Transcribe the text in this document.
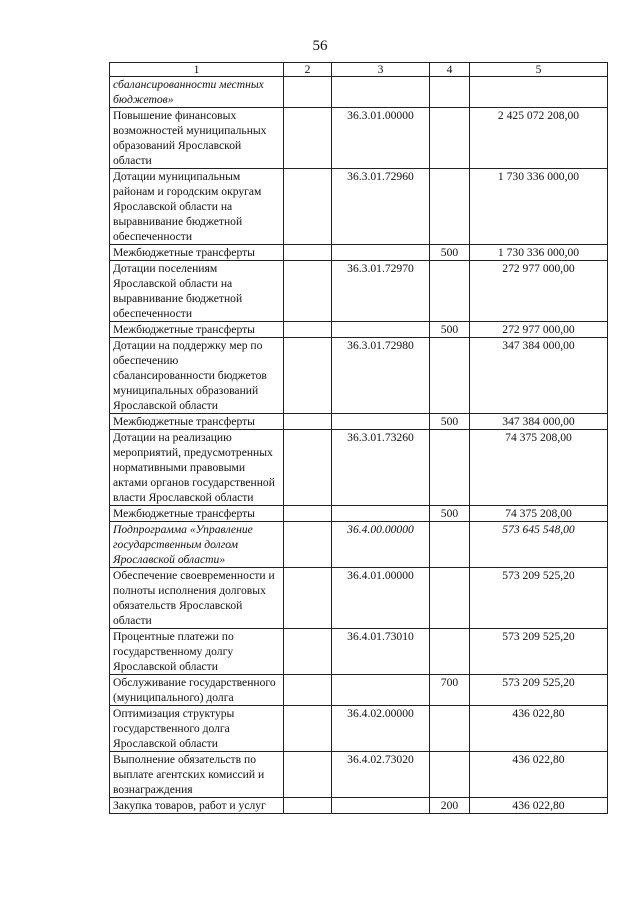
56
1	2	3	4	5
сбалансированности местных бюджетов»				
Повышение финансовых возможностей муниципальных образований Ярославской области		36.3.01.00000		2 425 072 208,00
Дотации муниципальным районам и городским округам Ярославской области на выравнивание бюджетной обеспеченности		36.3.01.72960		1 730 336 000,00
Межбюджетные трансферты			500	1 730 336 000,00
Дотации поселениям Ярославской области на выравнивание бюджетной обеспеченности		36.3.01.72970		272 977 000,00
Межбюджетные трансферты			500	272 977 000,00
Дотации на поддержку мер по обеспечению сбалансированности бюджетов муниципальных образований Ярославской области		36.3.01.72980		347 384 000,00
Межбюджетные трансферты			500	347 384 000,00
Дотации на реализацию мероприятий, предусмотренных нормативными правовыми актами органов государственной власти Ярославской области		36.3.01.73260		74 375 208,00
Межбюджетные трансферты			500	74 375 208,00
Подпрограмма «Управление государственным долгом Ярославской области»		36.4.00.00000		573 645 548,00
Обеспечение своевременности и полноты исполнения долговых обязательств Ярославской области		36.4.01.00000		573 209 525,20
Процентные платежи по государственному долгу Ярославской области		36.4.01.73010		573 209 525,20
Обслуживание государственного (муниципального) долга			700	573 209 525,20
Оптимизация структуры государственного долга Ярославской области		36.4.02.00000		436 022,80
Выполнение обязательств по выплате агентских комиссий и вознаграждения		36.4.02.73020		436 022,80
Закупка товаров, работ и услуг			200	436 022,80
